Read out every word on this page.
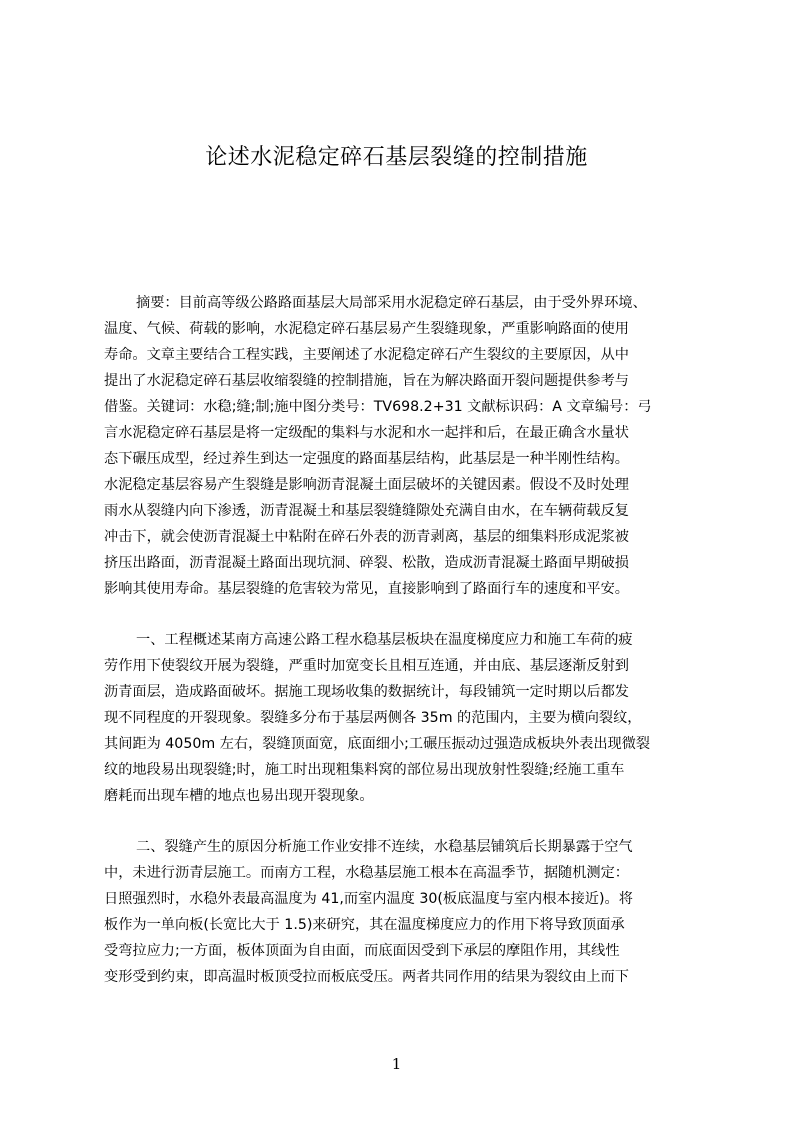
论述水泥稳定碎石基层裂缝的控制措施
摘要：目前高等级公路路面基层大局部采用水泥稳定碎石基层，由于受外界环境、
温度、气候、荷载的影响，水泥稳定碎石基层易产生裂缝现象，严重影响路面的使用
寿命。文章主要结合工程实践，主要阐述了水泥稳定碎石产生裂纹的主要原因，从中
提出了水泥稳定碎石基层收缩裂缝的控制措施，旨在为解决路面开裂问题提供参考与
借鉴。关键词：水稳;缝;制;施中图分类号：TV698.2+31 文献标识码：A 文章编号：弓
言水泥稳定碎石基层是将一定级配的集料与水泥和水一起拌和后，在最正确含水量状
态下碾压成型，经过养生到达一定强度的路面基层结构，此基层是一种半刚性结构。
水泥稳定基层容易产生裂缝是影响沥青混凝土面层破坏的关键因素。假设不及时处理
雨水从裂缝内向下渗透，沥青混凝土和基层裂缝缝隙处充满自由水，在车辆荷载反复
冲击下，就会使沥青混凝土中粘附在碎石外表的沥青剥离，基层的细集料形成泥浆被
挤压出路面，沥青混凝土路面出现坑洞、碎裂、松散，造成沥青混凝土路面早期破损
影响其使用寿命。基层裂缝的危害较为常见，直接影响到了路面行车的速度和平安。
一、工程概述某南方高速公路工程水稳基层板块在温度梯度应力和施工车荷的疲
劳作用下使裂纹开展为裂缝，严重时加宽变长且相互连通，并由底、基层逐渐反射到
沥青面层，造成路面破坏。据施工现场收集的数据统计，每段铺筑一定时期以后都发
现不同程度的开裂现象。裂缝多分布于基层两侧各 35m 的范围内，主要为横向裂纹，
其间距为 4050m 左右，裂缝顶面宽，底面细小;工碾压振动过强造成板块外表出现微裂
纹的地段易出现裂缝;时，施工时出现粗集料窝的部位易出现放射性裂缝;经施工重车
磨耗而出现车槽的地点也易出现开裂现象。
二、裂缝产生的原因分析施工作业安排不连续，水稳基层铺筑后长期暴露于空气
中，未进行沥青层施工。而南方工程，水稳基层施工根本在高温季节，据随机测定：
日照强烈时，水稳外表最高温度为 41,而室内温度 30(板底温度与室内根本接近)。将
板作为一单向板(长宽比大于 1.5)来研究，其在温度梯度应力的作用下将导致顶面承
受弯拉应力;一方面，板体顶面为自由面，而底面因受到下承层的摩阻作用，其线性
变形受到约束，即高温时板顶受拉而板底受压。两者共同作用的结果为裂纹由上而下
1
